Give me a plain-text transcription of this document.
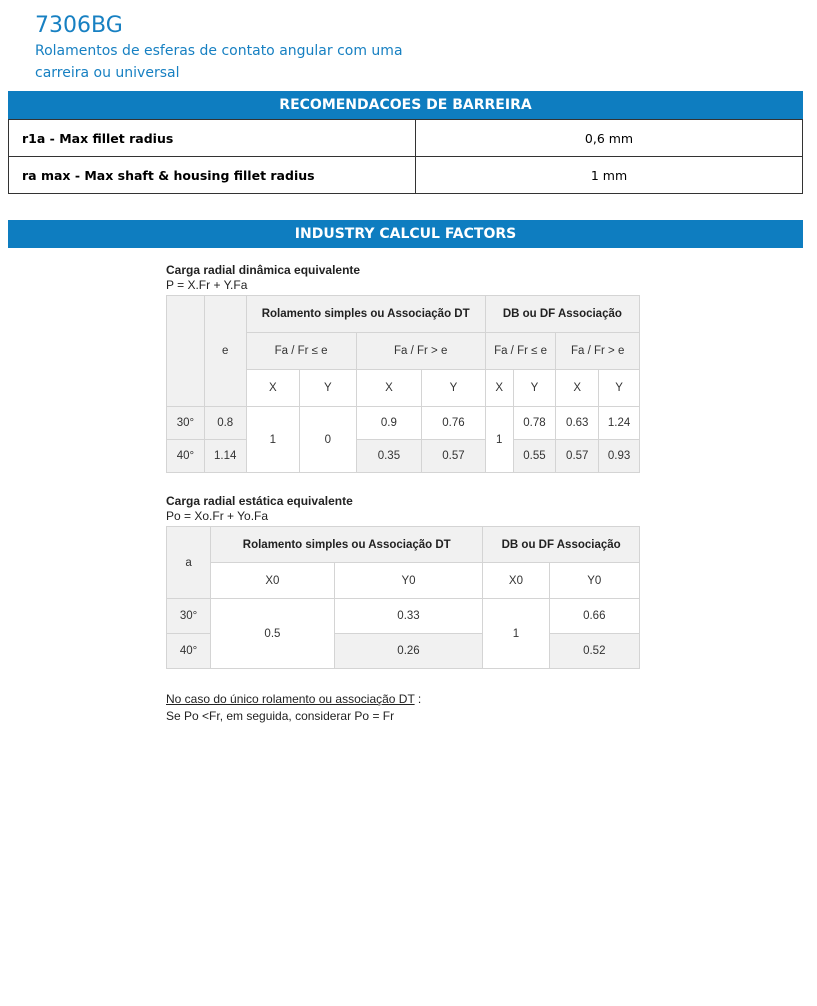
7306BG
Rolamentos de esferas de contato angular com uma carreira ou universal
RECOMENDACOES DE BARREIRA
r1a - Max fillet radius	0,6 mm
ra max - Max shaft & housing fillet radius	1 mm
INDUSTRY CALCUL FACTORS
Carga radial dinâmica equivalente
P = X.Fr + Y.Fa
	e	Rolamento simples ou Associação DT				DB ou DF Associação			
		Fa / Fr ≤ e		Fa / Fr > e		Fa / Fr ≤ e		Fa / Fr > e	
		X	Y	X	Y	X	Y	X	Y
30°	0.8	1	0	0.9	0.76	1	0.78	0.63	1.24
40°	1.14			0.35	0.57		0.55	0.57	0.93
Carga radial estática equivalente
Po = Xo.Fr + Yo.Fa
a	Rolamento simples ou Associação DT		DB ou DF Associação	
	X0	Y0	X0	Y0
30°	0.5	0.33	1	0.66
40°		0.26		0.52
No caso do único rolamento ou associação DT :
Se Po <Fr, em seguida, considerar Po = Fr
